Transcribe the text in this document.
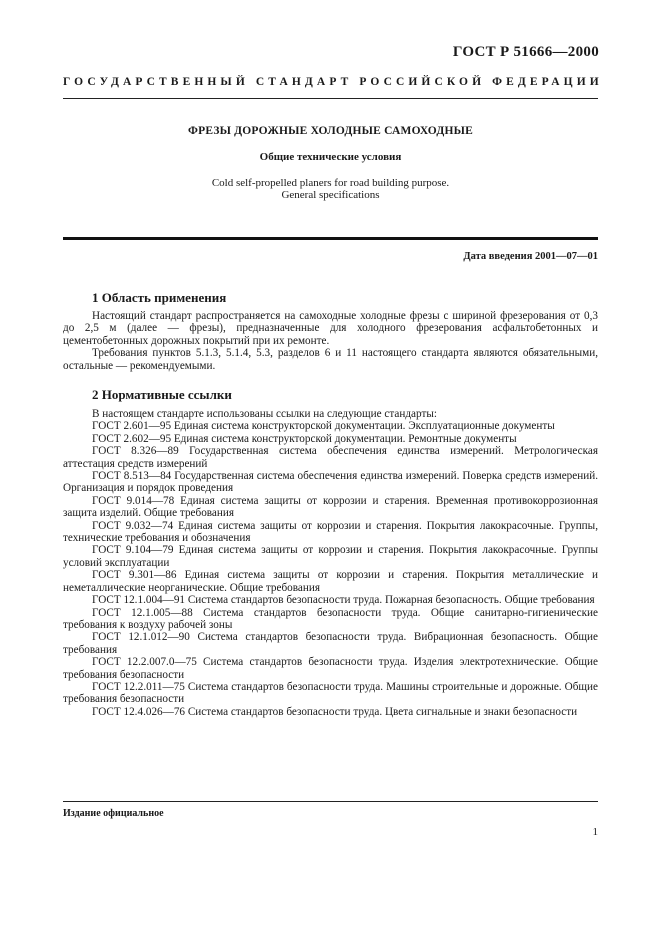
ГОСТ Р 51666—2000
ГОСУДАРСТВЕННЫЙ СТАНДАРТ РОССИЙСКОЙ ФЕДЕРАЦИИ
ФРЕЗЫ ДОРОЖНЫЕ ХОЛОДНЫЕ САМОХОДНЫЕ
Общие технические условия
Cold self-propelled planers for road building purpose.
General specifications
Дата введения 2001—07—01
1 Область применения

Настоящий стандарт распространяется на самоходные холодные фрезы с шириной фрезерования от 0,3 до 2,5 м (далее — фрезы), предназначенные для холодного фрезерования асфальтобетонных и цементобетонных дорожных покрытий при их ремонте.

Требования пунктов 5.1.3, 5.1.4, 5.3, разделов 6 и 11 настоящего стандарта являются обязательными, остальные — рекомендуемыми.

2 Нормативные ссылки

В настоящем стандарте использованы ссылки на следующие стандарты:

ГОСТ 2.601—95 Единая система конструкторской документации. Эксплуатационные документы

ГОСТ 2.602—95 Единая система конструкторской документации. Ремонтные документы

ГОСТ 8.326—89 Государственная система обеспечения единства измерений. Метрологическая аттестация средств измерений

ГОСТ 8.513—84 Государственная система обеспечения единства измерений. Поверка средств измерений. Организация и порядок проведения

ГОСТ 9.014—78 Единая система защиты от коррозии и старения. Временная противокоррозионная защита изделий. Общие требования

ГОСТ 9.032—74 Единая система защиты от коррозии и старения. Покрытия лакокрасочные. Группы, технические требования и обозначения

ГОСТ 9.104—79 Единая система защиты от коррозии и старения. Покрытия лакокрасочные. Группы условий эксплуатации

ГОСТ 9.301—86 Единая система защиты от коррозии и старения. Покрытия металлические и неметаллические неорганические. Общие требования

ГОСТ 12.1.004—91 Система стандартов безопасности труда. Пожарная безопасность. Общие требования

ГОСТ 12.1.005—88 Система стандартов безопасности труда. Общие санитарно-гигиенические требования к воздуху рабочей зоны

ГОСТ 12.1.012—90 Система стандартов безопасности труда. Вибрационная безопасность. Общие требования

ГОСТ 12.2.007.0—75 Система стандартов безопасности труда. Изделия электротехнические. Общие требования безопасности

ГОСТ 12.2.011—75 Система стандартов безопасности труда. Машины строительные и дорожные. Общие требования безопасности

ГОСТ 12.4.026—76 Система стандартов безопасности труда. Цвета сигнальные и знаки безопасности

Издание официальное
1
